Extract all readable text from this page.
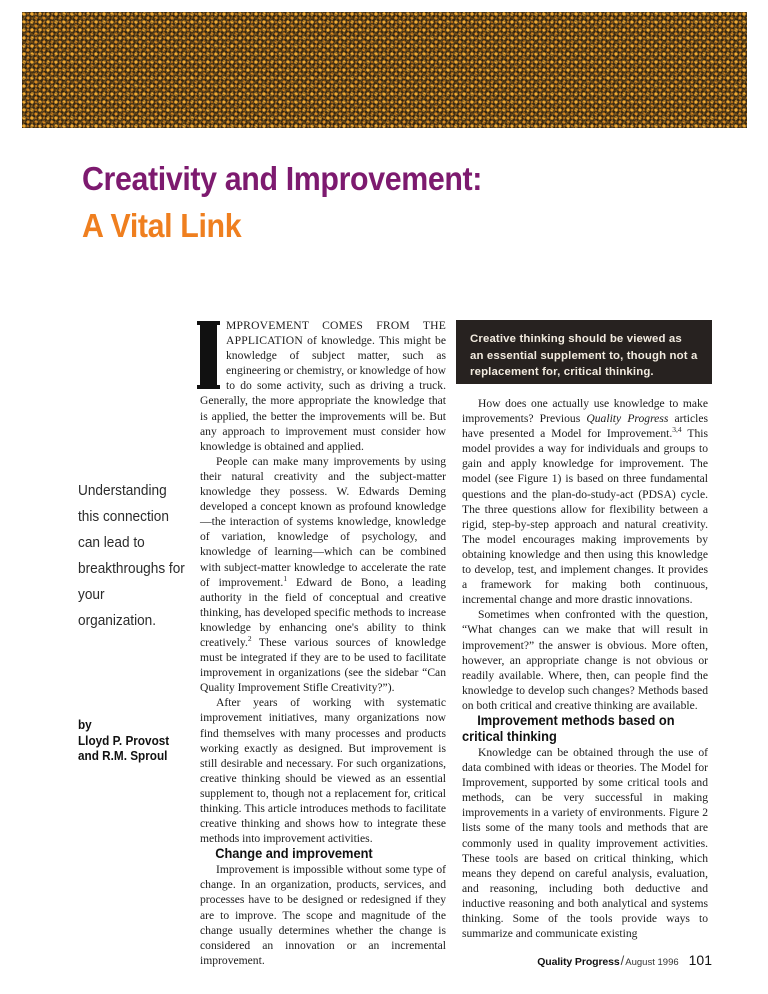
Creativity and Improvement:
A Vital Link
Understanding this connection can lead to breakthroughs for your organization.
by
Lloyd P. Provost
and R.M. Sproul
Creative thinking should be viewed as an essential supplement to, though not a replacement for, critical thinking.

MPROVEMENT COMES FROM THE APPLICATION of knowledge. This might be knowledge of subject matter, such as engineering or chemistry, or knowledge of how to do some activity, such as driving a truck. Generally, the more appropriate the knowledge that is applied, the better the improvements will be. But any approach to improvement must consider how knowledge is obtained and applied.

People can make many improvements by using their natural creativity and the subject-matter knowledge they possess. W. Edwards Deming developed a concept known as profound knowledge—the interaction of systems knowledge, knowledge of variation, knowledge of psychology, and knowledge of learning—which can be combined with subject-matter knowledge to accelerate the rate of improvement.$^1$ Edward de Bono, a leading authority in the field of conceptual and creative thinking, has developed specific methods to increase knowledge by enhancing one's ability to think creatively.$^2$ These various sources of knowledge must be integrated if they are to be used to facilitate improvement in organizations (see the sidebar “Can Quality Improvement Stifle Creativity?”).

After years of working with systematic improvement initiatives, many organizations now find themselves with many processes and products working exactly as designed. But improvement is still desirable and necessary. For such organizations, creative thinking should be viewed as an essential supplement to, though not a replacement for, critical thinking. This article introduces methods to facilitate creative thinking and shows how to integrate these methods into improvement activities.

Change and improvement

Improvement is impossible without some type of change. In an organization, products, services, and processes have to be designed or redesigned if they are to improve. The scope and magnitude of the change usually determines whether the change is considered an innovation or an incremental improvement.

How does one actually use knowledge to make improvements? Previous Quality Progress articles have presented a Model for Improvement.$^{3,4}$ This model provides a way for individuals and groups to gain and apply knowledge for improvement. The model (see Figure 1) is based on three fundamental questions and the plan-do-study-act (PDSA) cycle. The three questions allow for flexibility between a rigid, step-by-step approach and natural creativity. The model encourages making improvements by obtaining knowledge and then using this knowledge to develop, test, and implement changes. It provides a framework for making both continuous, incremental change and more drastic innovations.

Sometimes when confronted with the question, “What changes can we make that will result in improvement?” the answer is obvious. More often, however, an appropriate change is not obvious or readily available. Where, then, can people find the knowledge to develop such changes? Methods based on both critical and creative thinking are available.

Improvement methods based on critical thinking

Knowledge can be obtained through the use of data combined with ideas or theories. The Model for Improvement, supported by some critical tools and methods, can be very successful in making improvements in a variety of environments. Figure 2 lists some of the many tools and methods that are commonly used in quality improvement activities. These tools are based on critical thinking, which means they depend on careful analysis, evaluation, and reasoning, including both deductive and inductive reasoning and both analytical and systems thinking. Some of the tools provide ways to summarize and communicate existing

Quality Progress/August 1996 101
